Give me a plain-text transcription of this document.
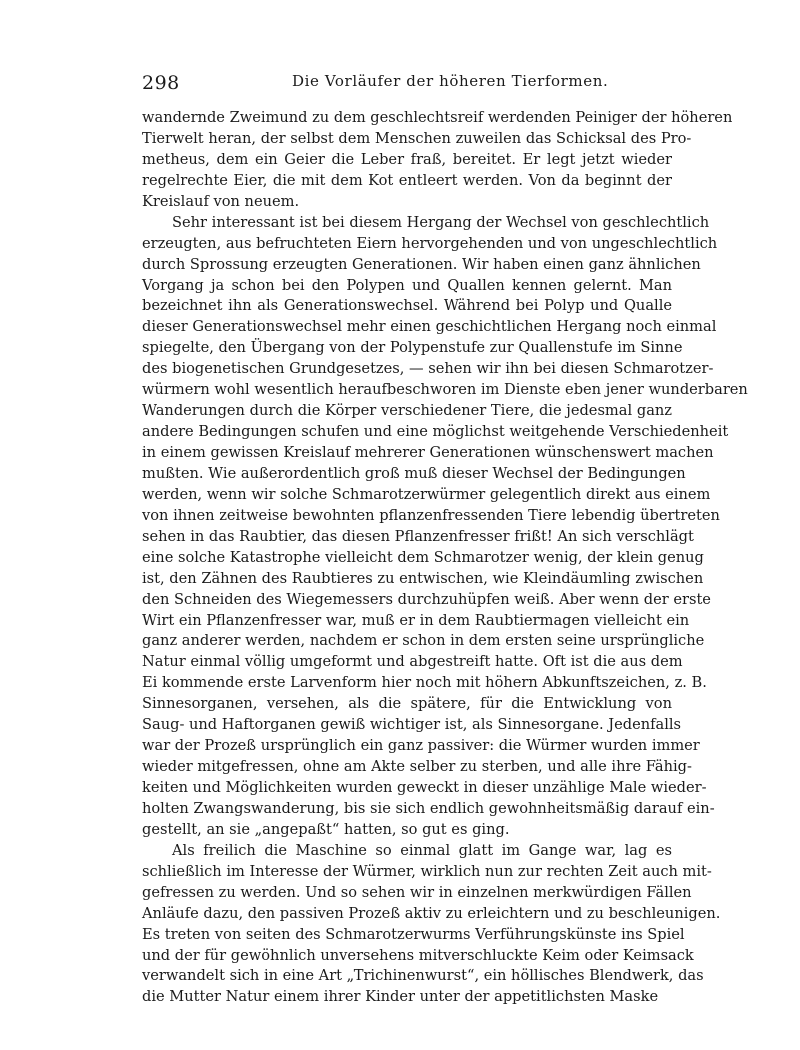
298	Die Vorläufer der höheren Tierformen.

wandernde Zweimund zu dem geschlechtsreif werdenden Peiniger der höheren
Tierwelt heran, der selbst dem Menschen zuweilen das Schicksal des Pro-
metheus, dem ein Geier die Leber fraß, bereitet. Er legt jetzt wieder
regelrechte Eier, die mit dem Kot entleert werden. Von da beginnt der
Kreislauf von neuem.

Sehr interessant ist bei diesem Hergang der Wechsel von geschlechtlich
erzeugten, aus befruchteten Eiern hervorgehenden und von ungeschlechtlich
durch Sprossung erzeugten Generationen. Wir haben einen ganz ähnlichen
Vorgang ja schon bei den Polypen und Quallen kennen gelernt. Man
bezeichnet ihn als Generationswechsel. Während bei Polyp und Qualle
dieser Generationswechsel mehr einen geschichtlichen Hergang noch einmal
spiegelte, den Übergang von der Polypenstufe zur Quallenstufe im Sinne
des biogenetischen Grundgesetzes, — sehen wir ihn bei diesen Schmarotzer-
würmern wohl wesentlich heraufbeschworen im Dienste eben jener wunderbaren
Wanderungen durch die Körper verschiedener Tiere, die jedesmal ganz
andere Bedingungen schufen und eine möglichst weitgehende Verschiedenheit
in einem gewissen Kreislauf mehrerer Generationen wünschenswert machen
mußten. Wie außerordentlich groß muß dieser Wechsel der Bedingungen
werden, wenn wir solche Schmarotzerwürmer gelegentlich direkt aus einem
von ihnen zeitweise bewohnten pflanzenfressenden Tiere lebendig übertreten
sehen in das Raubtier, das diesen Pflanzenfresser frißt! An sich verschlägt
eine solche Katastrophe vielleicht dem Schmarotzer wenig, der klein genug
ist, den Zähnen des Raubtieres zu entwischen, wie Kleindäumling zwischen
den Schneiden des Wiegemessers durchzuhüpfen weiß. Aber wenn der erste
Wirt ein Pflanzenfresser war, muß er in dem Raubtiermagen vielleicht ein
ganz anderer werden, nachdem er schon in dem ersten seine ursprüngliche
Natur einmal völlig umgeformt und abgestreift hatte. Oft ist die aus dem
Ei kommende erste Larvenform hier noch mit höhern Abkunftszeichen, z. B.
Sinnesorganen, versehen, als die spätere, für die Entwicklung von
Saug- und Haftorganen gewiß wichtiger ist, als Sinnesorgane. Jedenfalls
war der Prozeß ursprünglich ein ganz passiver: die Würmer wurden immer
wieder mitgefressen, ohne am Akte selber zu sterben, und alle ihre Fähig-
keiten und Möglichkeiten wurden geweckt in dieser unzählige Male wieder-
holten Zwangswanderung, bis sie sich endlich gewohnheitsmäßig darauf ein-
gestellt, an sie „angepaßt“ hatten, so gut es ging.

Als freilich die Maschine so einmal glatt im Gange war, lag es
schließlich im Interesse der Würmer, wirklich nun zur rechten Zeit auch mit-
gefressen zu werden. Und so sehen wir in einzelnen merkwürdigen Fällen
Anläufe dazu, den passiven Prozeß aktiv zu erleichtern und zu beschleunigen.
Es treten von seiten des Schmarotzerwurms Verführungskünste ins Spiel
und der für gewöhnlich unversehens mitverschluckte Keim oder Keimsack
verwandelt sich in eine Art „Trichinenwurst“, ein höllisches Blendwerk, das
die Mutter Natur einem ihrer Kinder unter der appetitlichsten Maske
